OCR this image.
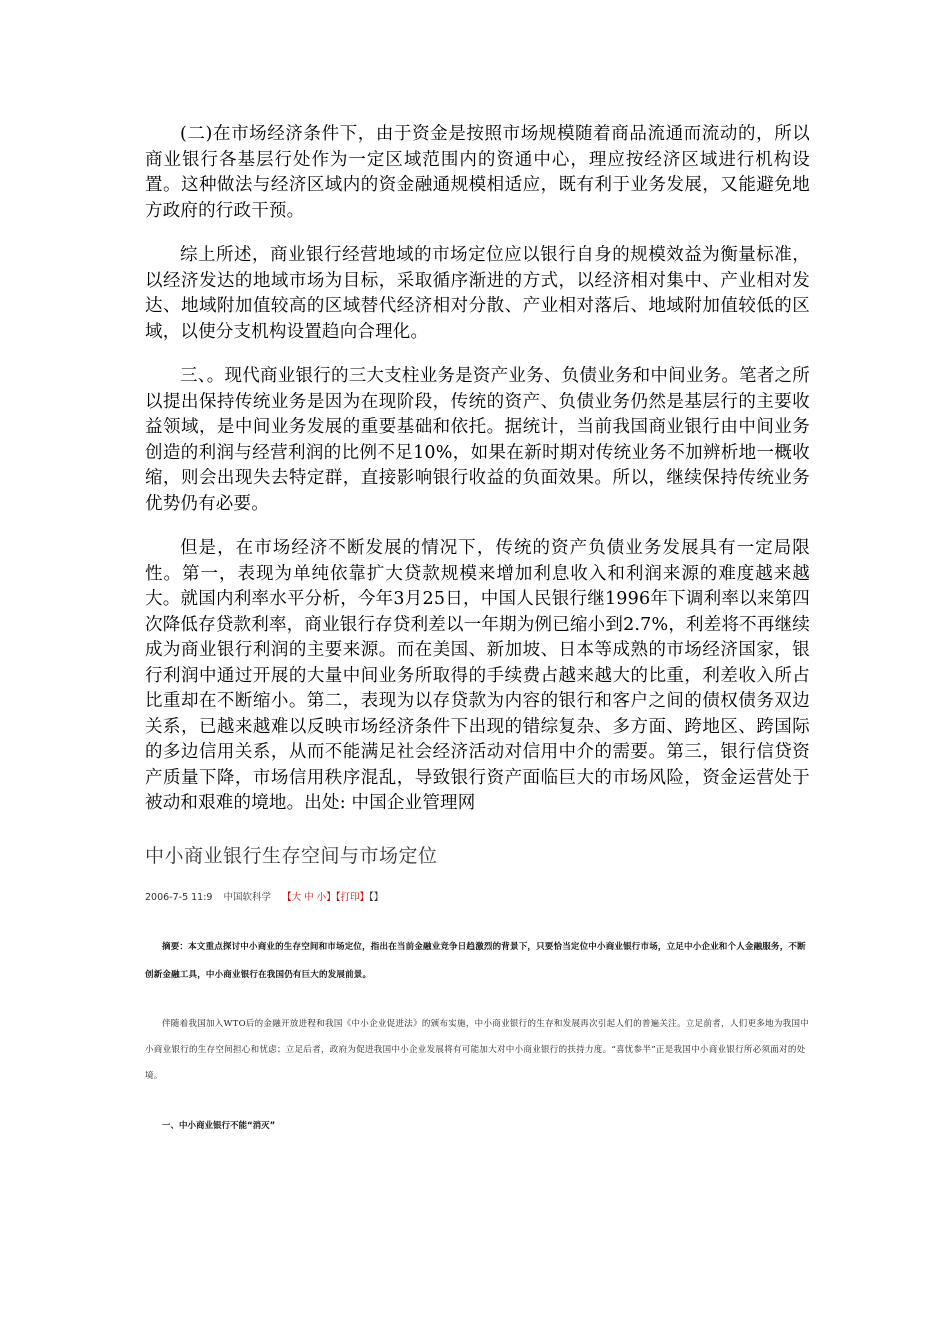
(二)在市场经济条件下，由于资金是按照市场规模随着商品流通而流动的，所以商业银行各基层行处作为一定区域范围内的资通中心，理应按经济区域进行机构设置。这种做法与经济区域内的资金融通规模相适应，既有利于业务发展，又能避免地方政府的行政干预。

综上所述，商业银行经营地域的市场定位应以银行自身的规模效益为衡量标准，以经济发达的地域市场为目标，采取循序渐进的方式，以经济相对集中、产业相对发达、地域附加值较高的区域替代经济相对分散、产业相对落后、地域附加值较低的区域，以使分支机构设置趋向合理化。

三、。现代商业银行的三大支柱业务是资产业务、负债业务和中间业务。笔者之所以提出保持传统业务是因为在现阶段，传统的资产、负债业务仍然是基层行的主要收益领域，是中间业务发展的重要基础和依托。据统计，当前我国商业银行由中间业务创造的利润与经营利润的比例不足10%，如果在新时期对传统业务不加辨析地一概收缩，则会出现失去特定群，直接影响银行收益的负面效果。所以，继续保持传统业务优势仍有必要。

但是，在市场经济不断发展的情况下，传统的资产负债业务发展具有一定局限性。第一，表现为单纯依靠扩大贷款规模来增加利息收入和利润来源的难度越来越大。就国内利率水平分析，今年3月25日，中国人民银行继1996年下调利率以来第四次降低存贷款利率，商业银行存贷利差以一年期为例已缩小到2.7%，利差将不再继续成为商业银行利润的主要来源。而在美国、新加坡、日本等成熟的市场经济国家，银行利润中通过开展的大量中间业务所取得的手续费占越来越大的比重，利差收入所占比重却在不断缩小。第二，表现为以存贷款为内容的银行和客户之间的债权债务双边关系，已越来越难以反映市场经济条件下出现的错综复杂、多方面、跨地区、跨国际的多边信用关系，从而不能满足社会经济活动对信用中介的需要。第三，银行信贷资产质量下降，市场信用秩序混乱，导致银行资产面临巨大的市场风险，资金运营处于被动和艰难的境地。出处: 中国企业管理网

中小商业银行生存空间与市场定位
2006-7-5 11:9 中国软科学 【大 中 小】【打印】【】
摘要：本文重点探讨中小商业的生存空间和市场定位，指出在当前金融业竞争日趋激烈的背景下，只要恰当定位中小商业银行市场，立足中小企业和个人金融服务，不断创新金融工具，中小商业银行在我国仍有巨大的发展前景。
伴随着我国加入WTO后的金融开放进程和我国《中小企业促进法》的颁布实施，中小商业银行的生存和发展再次引起人们的普遍关注。立足前者，人们更多地为我国中小商业银行的生存空间担心和忧虑；立足后者，政府为促进我国中小企业发展将有可能加大对中小商业银行的扶持力度。“喜忧参半”正是我国中小商业银行所必须面对的处境。
一、中小商业银行不能“消灭”
